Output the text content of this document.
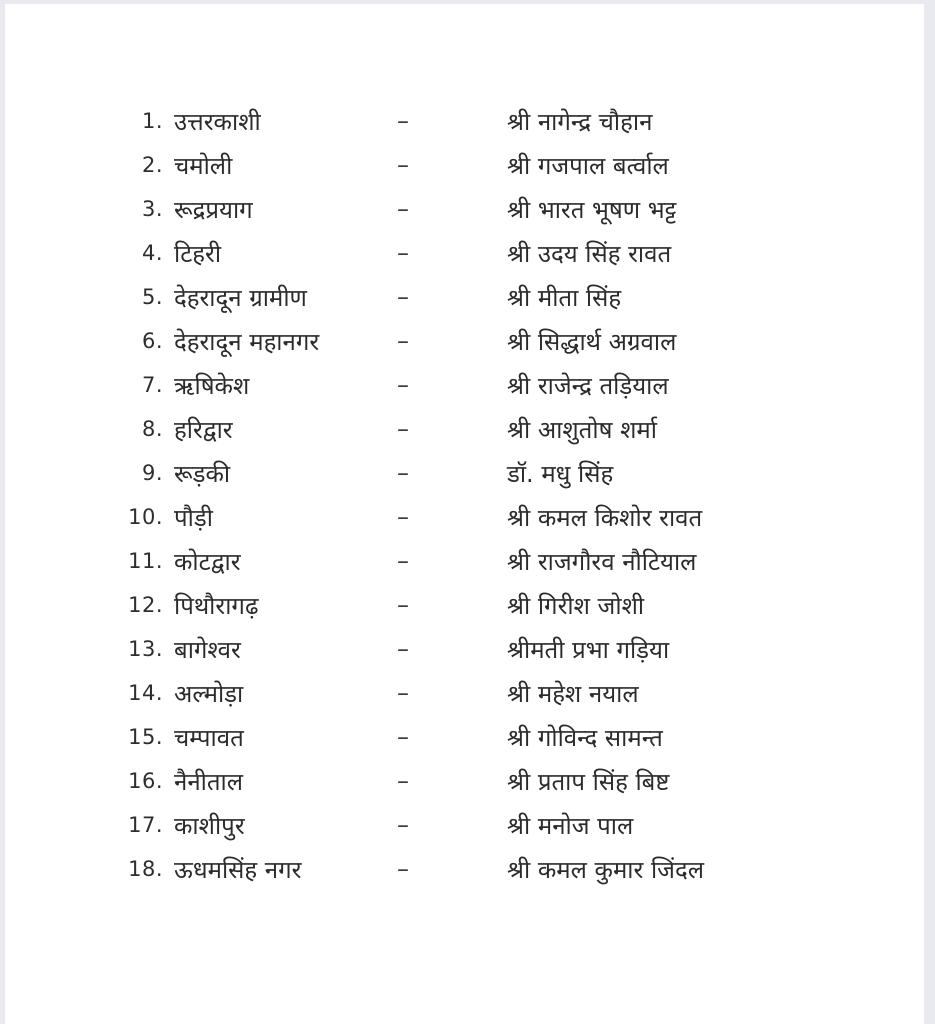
1. उत्तरकाशी	–	श्री नागेन्द्र चौहान
2. चमोली	–	श्री गजपाल बर्त्वाल
3. रूद्रप्रयाग	–	श्री भारत भूषण भट्ट
4. टिहरी	–	श्री उदय सिंह रावत
5. देहरादून ग्रामीण	–	श्री मीता सिंह
6. देहरादून महानगर	–	श्री सिद्धार्थ अग्रवाल
7. ऋषिकेश	–	श्री राजेन्द्र तड़ियाल
8. हरिद्वार	–	श्री आशुतोष शर्मा
9. रूड़की	–	डॉ. मधु सिंह
10. पौड़ी	–	श्री कमल किशोर रावत
11. कोटद्वार	–	श्री राजगौरव नौटियाल
12. पिथौरागढ़	–	श्री गिरीश जोशी
13. बागेश्वर	–	श्रीमती प्रभा गड़िया
14. अल्मोड़ा	–	श्री महेश नयाल
15. चम्पावत	–	श्री गोविन्द सामन्त
16. नैनीताल	–	श्री प्रताप सिंह बिष्ट
17. काशीपुर	–	श्री मनोज पाल
18. ऊधमसिंह नगर	–	श्री कमल कुमार जिंदल
